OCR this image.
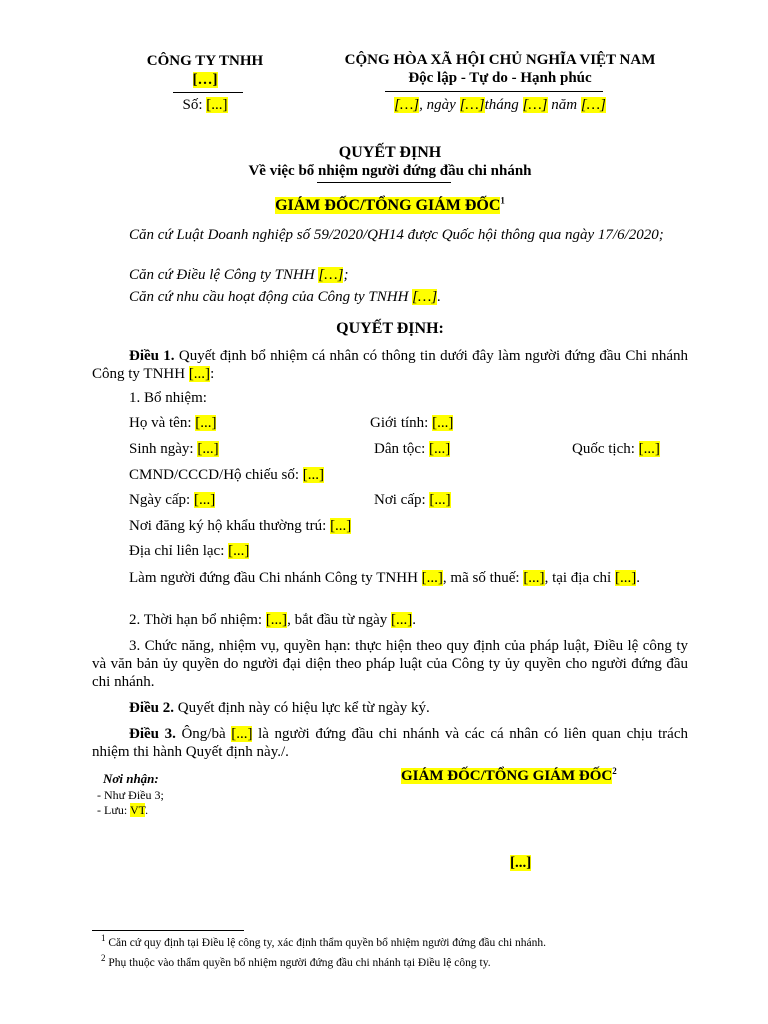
CÔNG TY TNHH
[…]
Số: [...]
CỘNG HÒA XÃ HỘI CHỦ NGHĨA VIỆT NAM
Độc lập - Tự do - Hạnh phúc
[…], ngày […]tháng […] năm […]
QUYẾT ĐỊNH
Về việc bổ nhiệm người đứng đầu chi nhánh
GIÁM ĐỐC/TỔNG GIÁM ĐỐC$^1$
Căn cứ Luật Doanh nghiệp số 59/2020/QH14 được Quốc hội thông qua ngày 17/6/2020;
Căn cứ Điều lệ Công ty TNHH […];
Căn cứ nhu cầu hoạt động của Công ty TNHH […].
QUYẾT ĐỊNH:
Điều 1. Quyết định bổ nhiệm cá nhân có thông tin dưới đây làm người đứng đầu Chi nhánh Công ty TNHH [...]:
1. Bổ nhiệm:
Họ và tên: [...]	Giới tính: [...]
Sinh ngày: [...]	Dân tộc: [...]	Quốc tịch: [...]
CMND/CCCD/Hộ chiếu số: [...]
Ngày cấp: [...]	Nơi cấp: [...]
Nơi đăng ký hộ khẩu thường trú: [...]
Địa chỉ liên lạc: [...]
Làm người đứng đầu Chi nhánh Công ty TNHH [...], mã số thuế: [...], tại địa chỉ [...].
2. Thời hạn bổ nhiệm: [...], bắt đầu từ ngày [...].
3. Chức năng, nhiệm vụ, quyền hạn: thực hiện theo quy định của pháp luật, Điều lệ công ty và văn bản ủy quyền do người đại diện theo pháp luật của Công ty ủy quyền cho người đứng đầu chi nhánh.
Điều 2. Quyết định này có hiệu lực kể từ ngày ký.
Điều 3. Ông/bà [...] là người đứng đầu chi nhánh và các cá nhân có liên quan chịu trách nhiệm thi hành Quyết định này./.
Nơi nhận:
- Như Điều 3;
- Lưu: VT.
GIÁM ĐỐC/TỔNG GIÁM ĐỐC$^2$
[...]
$^1$ Căn cứ quy định tại Điều lệ công ty, xác định thẩm quyền bổ nhiệm người đứng đầu chi nhánh.
$^2$ Phụ thuộc vào thẩm quyền bổ nhiệm người đứng đầu chi nhánh tại Điều lệ công ty.
